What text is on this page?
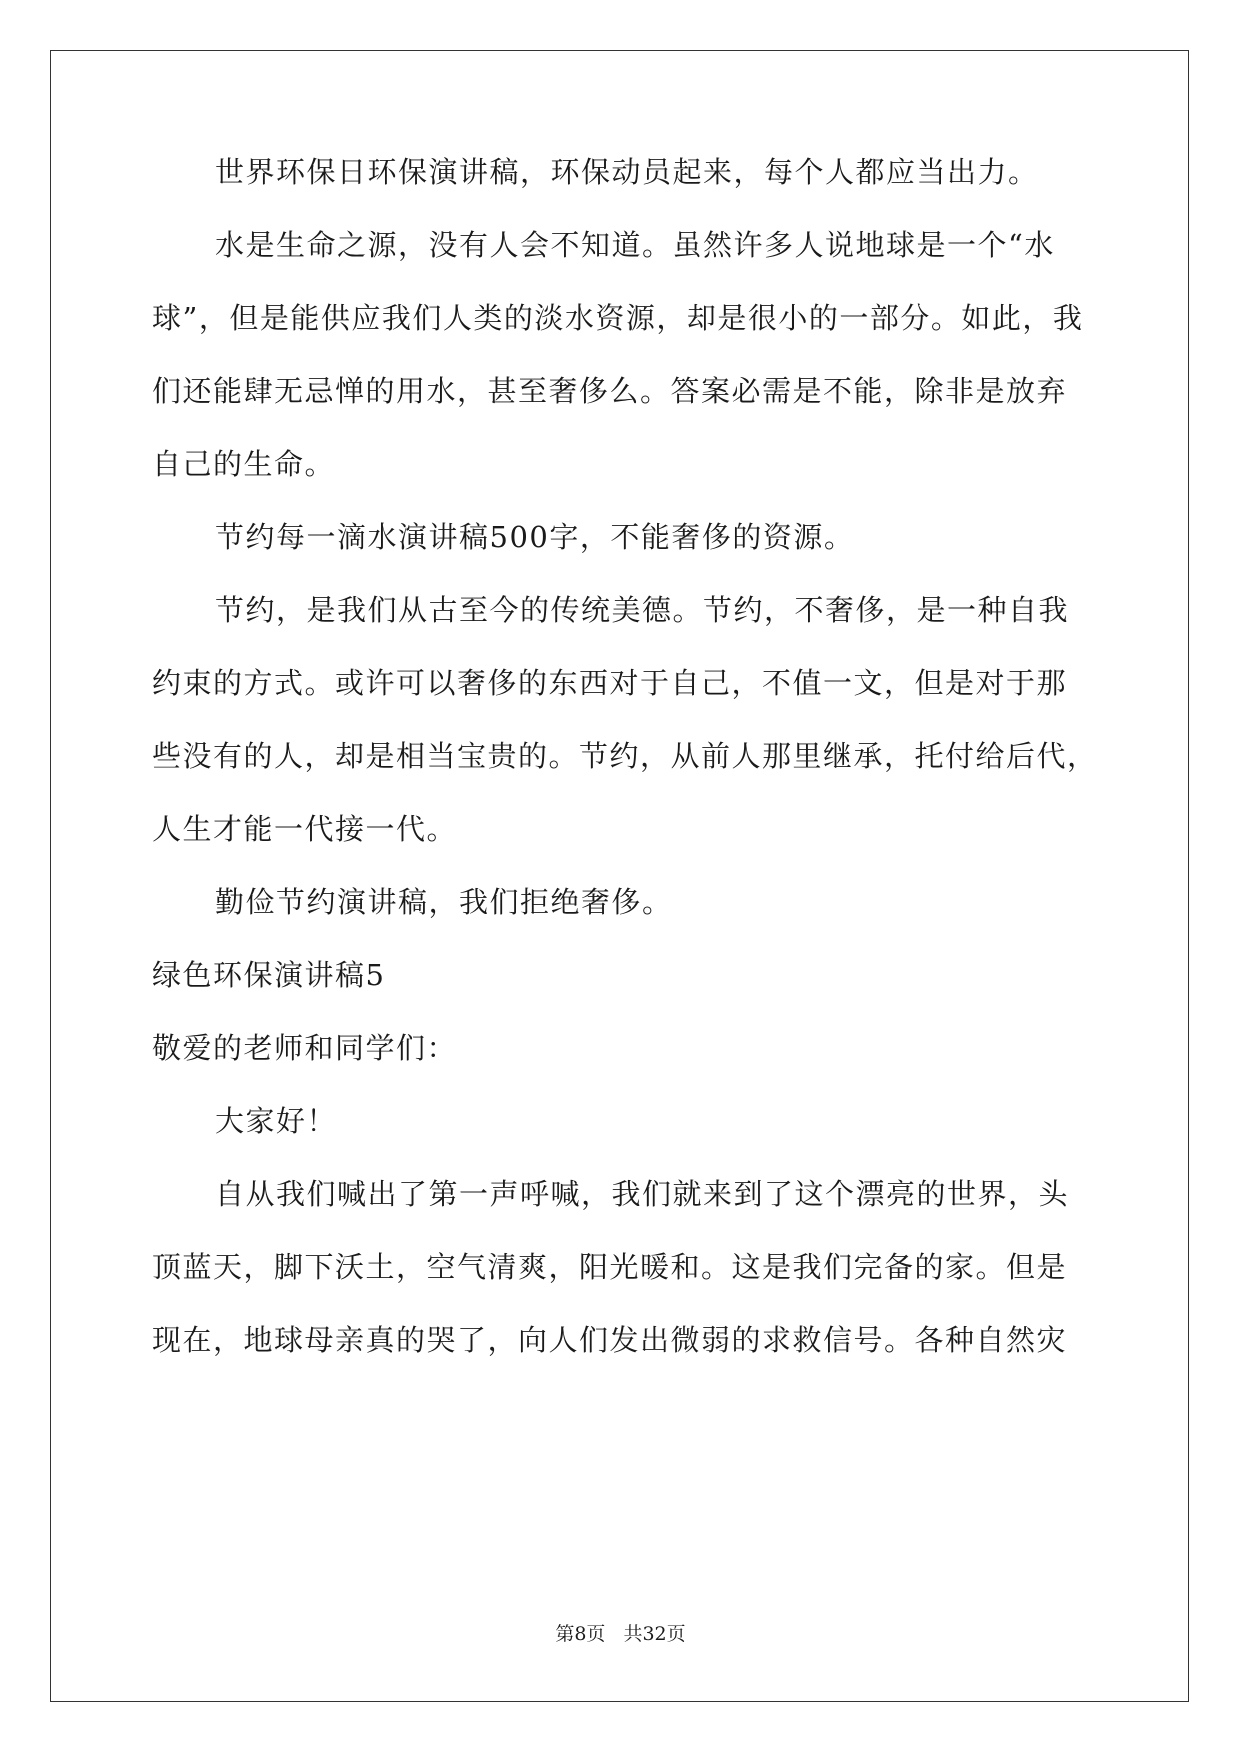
世界环保日环保演讲稿，环保动员起来，每个人都应当出力。
水是生命之源，没有人会不知道。虽然许多人说地球是一个“水
球”，但是能供应我们人类的淡水资源，却是很小的一部分。如此，我
们还能肆无忌惮的用水，甚至奢侈么。答案必需是不能，除非是放弃
自己的生命。
节约每一滴水演讲稿500字，不能奢侈的资源。
节约，是我们从古至今的传统美德。节约，不奢侈，是一种自我
约束的方式。或许可以奢侈的东西对于自己，不值一文，但是对于那
些没有的人，却是相当宝贵的。节约，从前人那里继承，托付给后代，
人生才能一代接一代。
勤俭节约演讲稿，我们拒绝奢侈。
绿色环保演讲稿5
敬爱的老师和同学们：
大家好！
自从我们喊出了第一声呼喊，我们就来到了这个漂亮的世界，头
顶蓝天，脚下沃土，空气清爽，阳光暖和。这是我们完备的家。但是
现在，地球母亲真的哭了，向人们发出微弱的求救信号。各种自然灾
第8页 共32页
